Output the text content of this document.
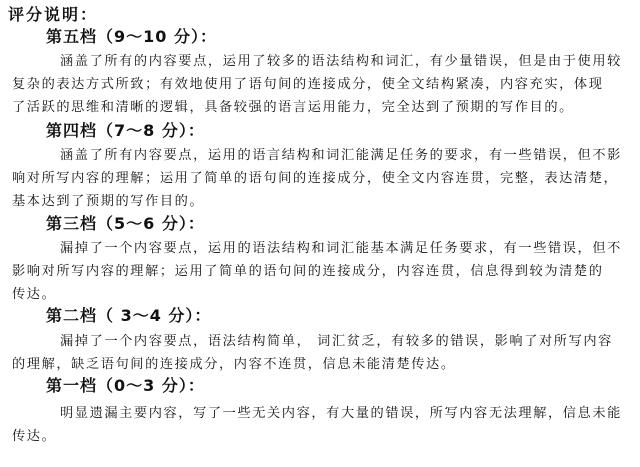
评分说明：
第五档（9～10 分）：
涵盖了所有的内容要点，运用了较多的语法结构和词汇，有少量错误，但是由于使用较
复杂的表达方式所致；有效地使用了语句间的连接成分，使全文结构紧凑，内容充实，体现
了活跃的思维和清晰的逻辑，具备较强的语言运用能力，完全达到了预期的写作目的。
第四档（7～8 分）：
涵盖了所有内容要点，运用的语言结构和词汇能满足任务的要求，有一些错误，但不影
响对所写内容的理解；运用了简单的语句间的连接成分，使全文内容连贯，完整，表达清楚，
基本达到了预期的写作目的。
第三档（5～6 分）：
漏掉了一个内容要点，运用的语法结构和词汇能基本满足任务要求，有一些错误，但不
影响对所写内容的理解；运用了简单的语句间的连接成分，内容连贯，信息得到较为清楚的
传达。
第二档（ 3～4 分）：
漏掉了一个内容要点，语法结构简单， 词汇贫乏，有较多的错误，影响了对所写内容
的理解，缺乏语句间的连接成分，内容不连贯，信息未能清楚传达。
第一档（0～3 分）：
明显遗漏主要内容，写了一些无关内容，有大量的错误，所写内容无法理解，信息未能
传达。
